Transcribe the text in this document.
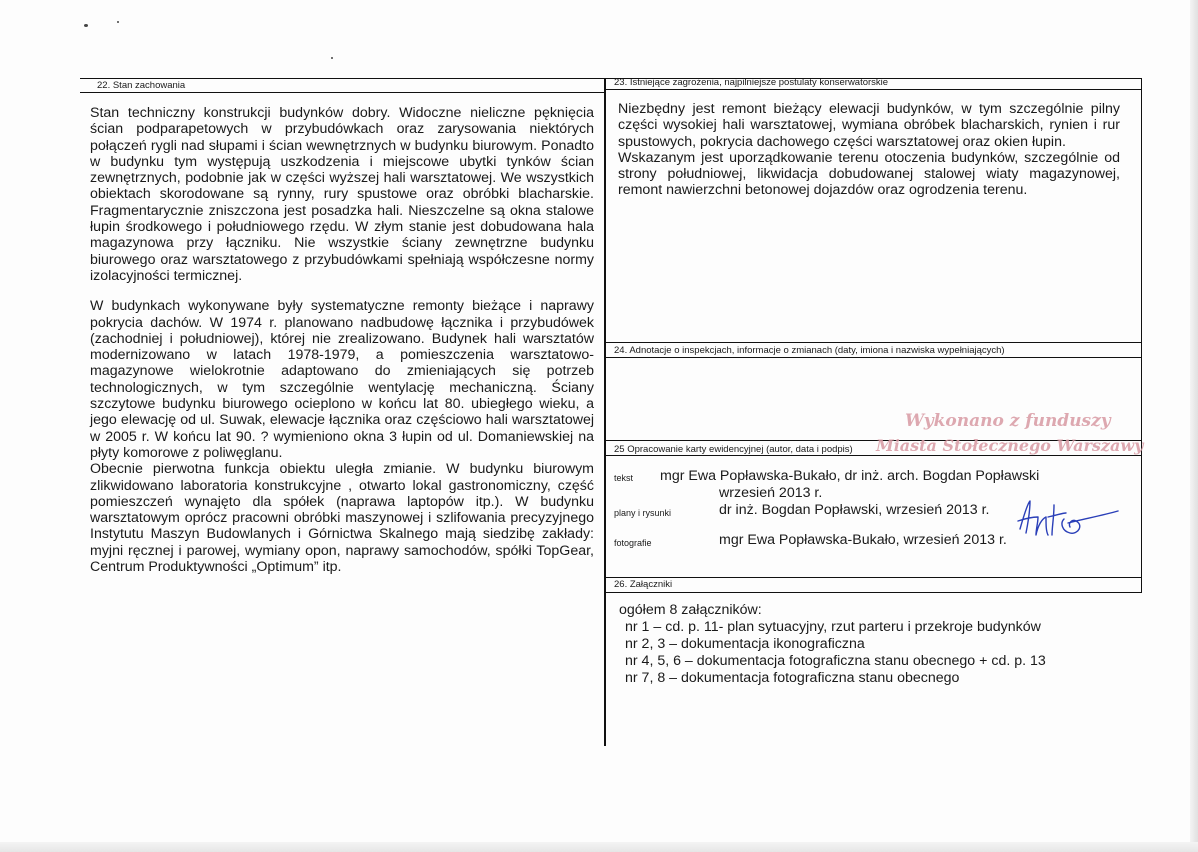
22. Stan zachowania

Stan techniczny konstrukcji budynków dobry. Widoczne nieliczne pęknięcia ścian podparapetowych w przybudówkach oraz zarysowania niektórych połączeń rygli nad słupami i ścian wewnętrznych w budynku biurowym. Ponadto w budynku tym występują uszkodzenia i miejscowe ubytki tynków ścian zewnętrznych, podobnie jak w części wyższej hali warsztatowej. We wszystkich obiektach skorodowane są rynny, rury spustowe oraz obróbki blacharskie. Fragmentarycznie zniszczona jest posadzka hali. Nieszczelne są okna stalowe łupin środkowego i południowego rzędu. W złym stanie jest dobudowana hala magazynowa przy łączniku. Nie wszystkie ściany zewnętrzne budynku biurowego oraz warsztatowego z przybudówkami spełniają współczesne normy izolacyjności termicznej.

W budynkach wykonywane były systematyczne remonty bieżące i naprawy pokrycia dachów. W 1974 r. planowano nadbudowę łącznika i przybudówek (zachodniej i południowej), której nie zrealizowano. Budynek hali warsztatów modernizowano w latach 1978-1979, a pomieszczenia warsztatowo-magazynowe wielokrotnie adaptowano do zmieniających się potrzeb technologicznych, w tym szczególnie wentylację mechaniczną. Ściany szczytowe budynku biurowego ocieplono w końcu lat 80. ubiegłego wieku, a jego elewację od ul. Suwak, elewacje łącznika oraz częściowo hali warsztatowej w 2005 r. W końcu lat 90. ? wymieniono okna 3 łupin od ul. Domaniewskiej na płyty komorowe z poliwęglanu.

Obecnie pierwotna funkcja obiektu uległa zmianie. W budynku biurowym zlikwidowano laboratoria konstrukcyjne , otwarto lokal gastronomiczny, część pomieszczeń wynajęto dla spółek (naprawa laptopów itp.). W budynku warsztatowym oprócz pracowni obróbki maszynowej i szlifowania precyzyjnego Instytutu Maszyn Budowlanych i Górnictwa Skalnego mają siedzibę zakłady: myjni ręcznej i parowej, wymiany opon, naprawy samochodów, spółki TopGear, Centrum Produktywności „Optimum” itp.

23. Istniejące zagrożenia, najpilniejsze postulaty konserwatorskie

Niezbędny jest remont bieżący elewacji budynków, w tym szczególnie pilny części wysokiej hali warsztatowej, wymiana obróbek blacharskich, rynien i rur spustowych, pokrycia dachowego części warsztatowej oraz okien łupin.

Wskazanym jest uporządkowanie terenu otoczenia budynków, szczególnie od strony południowej, likwidacja dobudowanej stalowej wiaty magazynowej, remont nawierzchni betonowej dojazdów oraz ogrodzenia terenu.

24. Adnotacje o inspekcjach, informacje o zmianach (daty, imiona i nazwiska wypełniających)
Wykonano z funduszy
Miasta Stołecznego Warszawy
25 Opracowanie karty ewidencyjnej (autor, data i podpis)
tekst mgr Ewa Popławska-Bukało, dr inż. arch. Bogdan Popławski
wrzesień 2013 r.
plany i rysunki	dr inż. Bogdan Popławski, wrzesień 2013 r.
fotografie	mgr Ewa Popławska-Bukało, wrzesień 2013 r.
26. Załączniki
ogółem 8 załączników:

nr 1 – cd. p. 11- plan sytuacyjny, rzut parteru i przekroje budynków

nr 2, 3 – dokumentacja ikonograficzna

nr 4, 5, 6 – dokumentacja fotograficzna stanu obecnego + cd. p. 13

nr 7, 8 – dokumentacja fotograficzna stanu obecnego
